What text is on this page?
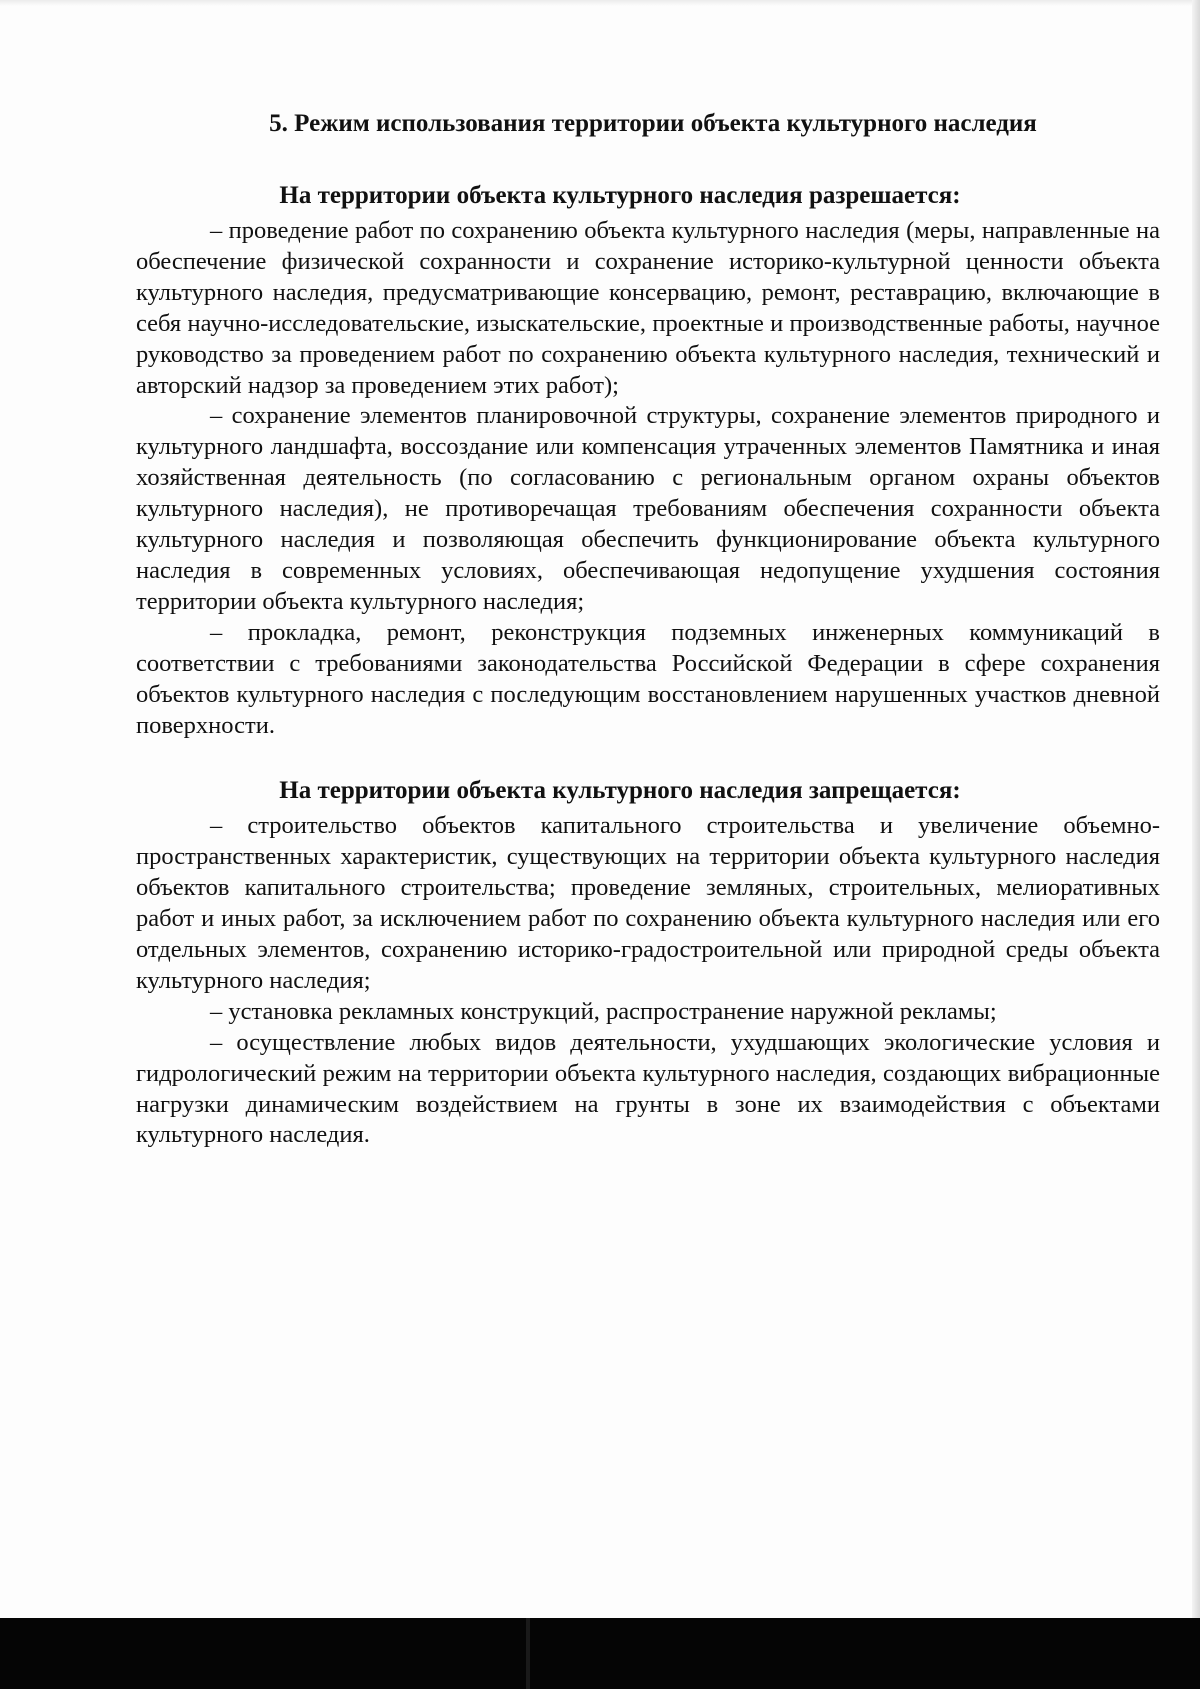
5. Режим использования территории объекта культурного наследия
На территории объекта культурного наследия разрешается:

– проведение работ по сохранению объекта культурного наследия (меры, направленные на обеспечение физической сохранности и сохранение историко-культурной ценности объекта культурного наследия, предусматривающие консервацию, ремонт, реставрацию, включающие в себя научно-исследовательские, изыскательские, проектные и производственные работы, научное руководство за проведением работ по сохранению объекта культурного наследия, технический и авторский надзор за проведением этих работ);

– сохранение элементов планировочной структуры, сохранение элементов природного и культурного ландшафта, воссоздание или компенсация утраченных элементов Памятника и иная хозяйственная деятельность (по согласованию с региональным органом охраны объектов культурного наследия), не противоречащая требованиям обеспечения сохранности объекта культурного наследия и позволяющая обеспечить функционирование объекта культурного наследия в современных условиях, обеспечивающая недопущение ухудшения состояния территории объекта культурного наследия;

– прокладка, ремонт, реконструкция подземных инженерных коммуникаций в соответствии с требованиями законодательства Российской Федерации в сфере сохранения объектов культурного наследия с последующим восстановлением нарушенных участков дневной поверхности.

На территории объекта культурного наследия запрещается:

– строительство объектов капитального строительства и увеличение объемно-пространственных характеристик, существующих на территории объекта культурного наследия объектов капитального строительства; проведение земляных, строительных, мелиоративных работ и иных работ, за исключением работ по сохранению объекта культурного наследия или его отдельных элементов, сохранению историко-градостроительной или природной среды объекта культурного наследия;

– установка рекламных конструкций, распространение наружной рекламы;

– осуществление любых видов деятельности, ухудшающих экологические условия и гидрологический режим на территории объекта культурного наследия, создающих вибрационные нагрузки динамическим воздействием на грунты в зоне их взаимодействия с объектами культурного наследия.
